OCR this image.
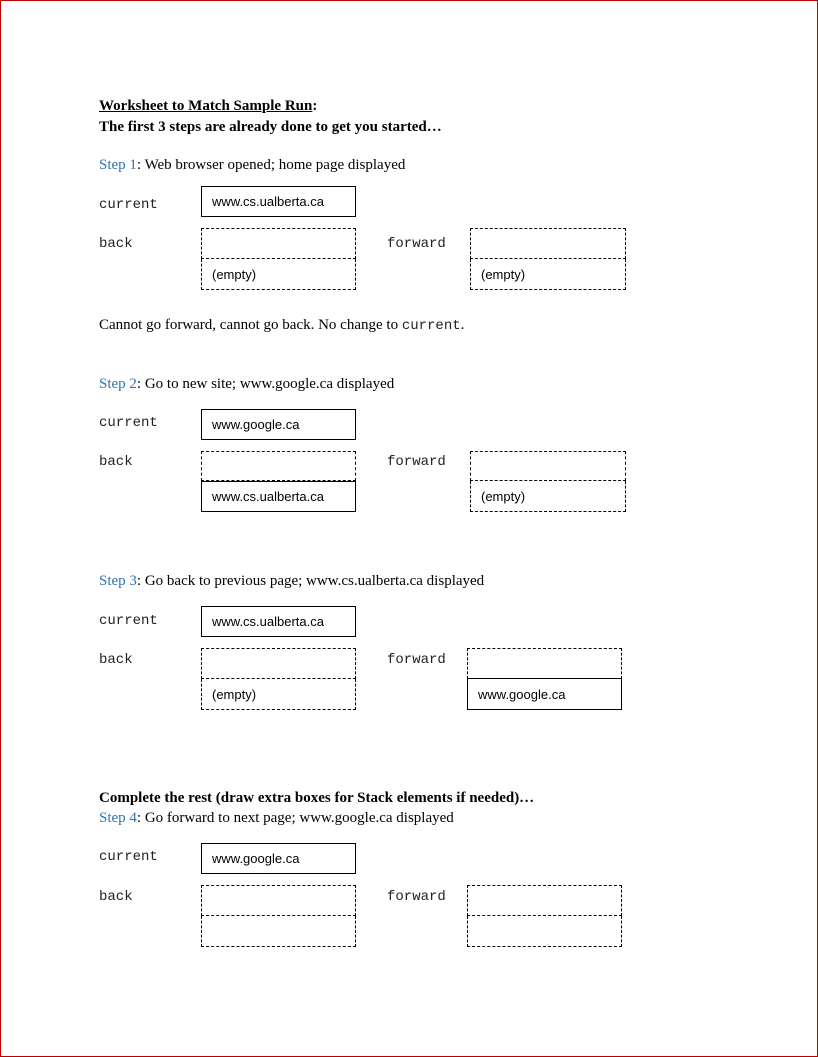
Worksheet to Match Sample Run:
The first 3 steps are already done to get you started…
Step 1: Web browser opened; home page displayed
current	www.cs.ualberta.ca
back
(empty)
forward
(empty)
Cannot go forward, cannot go back. No change to current.
Step 2: Go to new site; www.google.ca displayed
current	www.google.ca
back
www.cs.ualberta.ca
forward
(empty)
Step 3: Go back to previous page; www.cs.ualberta.ca displayed
current	www.cs.ualberta.ca
back
(empty)
forward
www.google.ca
Complete the rest (draw extra boxes for Stack elements if needed)…
Step 4: Go forward to next page; www.google.ca displayed
current	www.google.ca
back	forward
